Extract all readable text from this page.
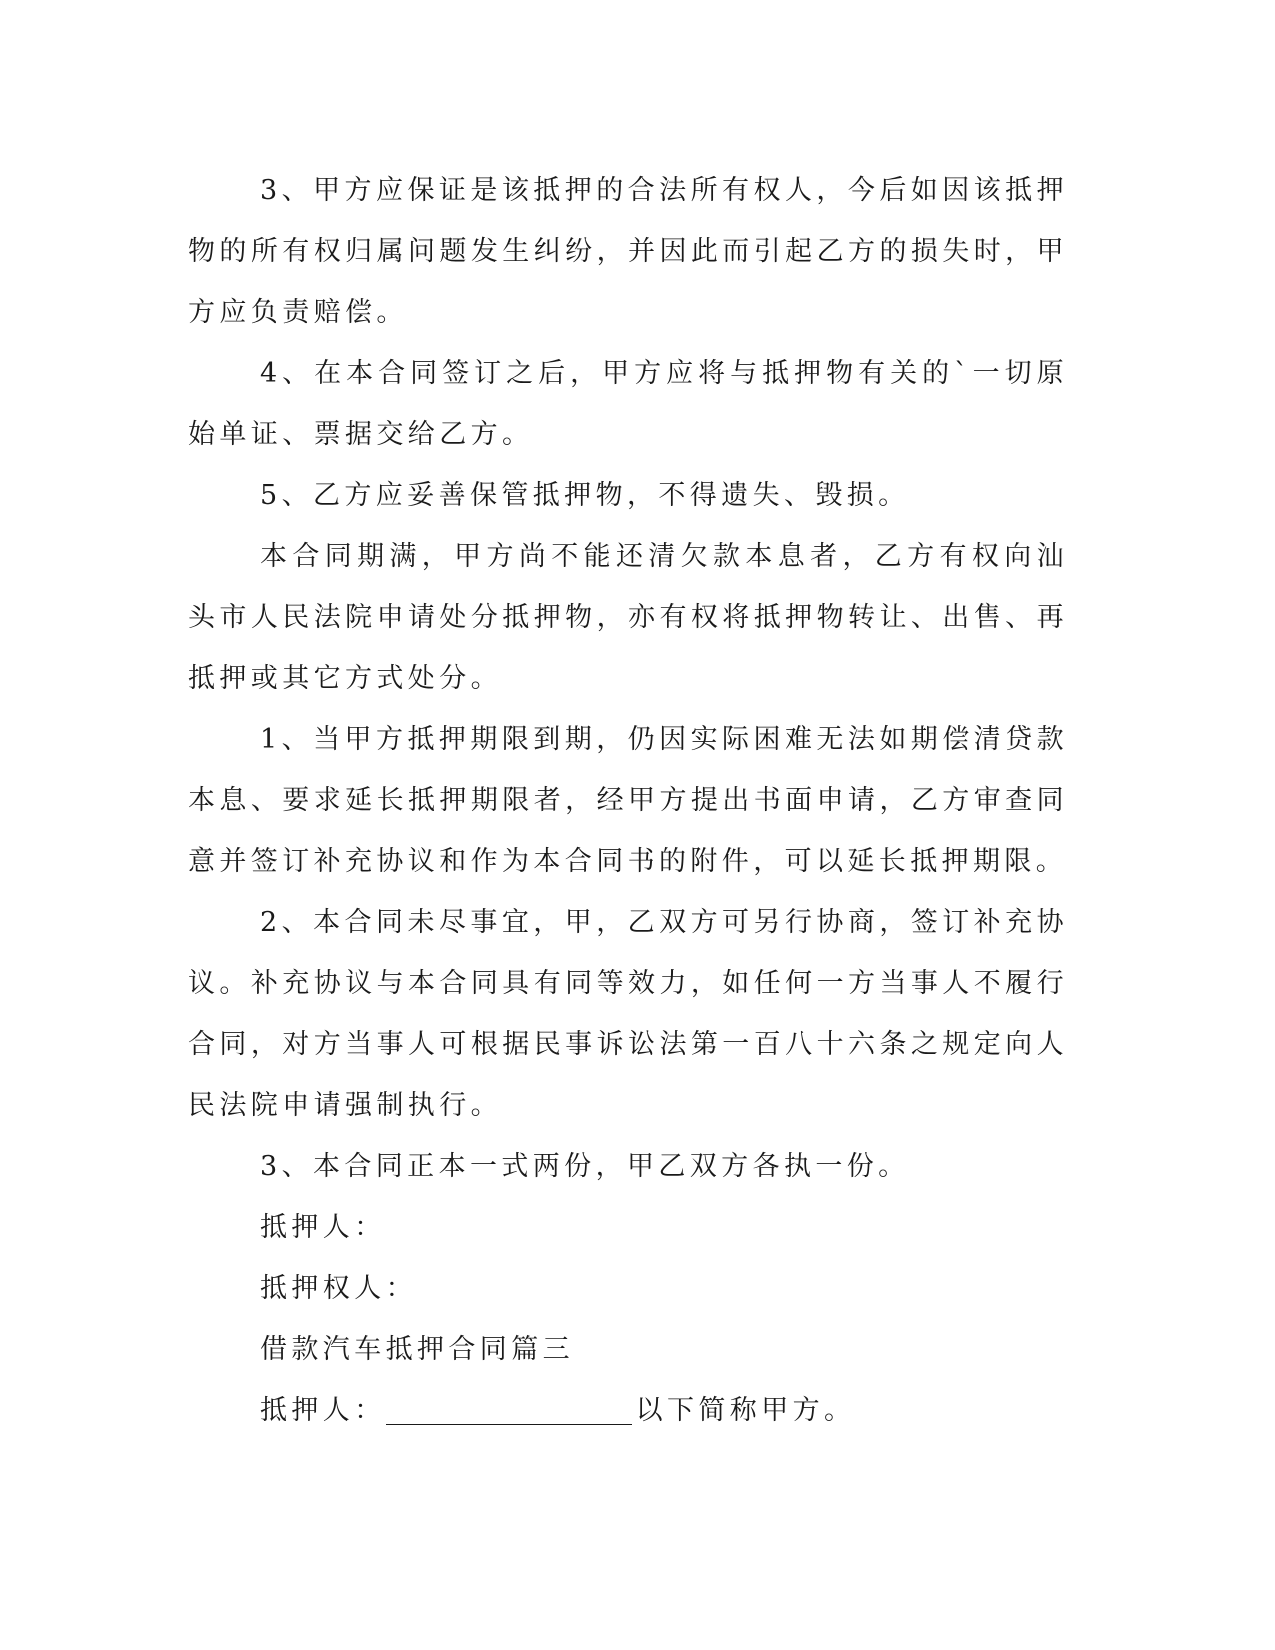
3、甲方应保证是该抵押的合法所有权人，今后如因该抵押物的所有权归属问题发生纠纷，并因此而引起乙方的损失时，甲方应负责赔偿。

4、在本合同签订之后，甲方应将与抵押物有关的`一切原始单证、票据交给乙方。

5、乙方应妥善保管抵押物，不得遗失、毁损。

本合同期满，甲方尚不能还清欠款本息者，乙方有权向汕头市人民法院申请处分抵押物，亦有权将抵押物转让、出售、再抵押或其它方式处分。

1、当甲方抵押期限到期，仍因实际困难无法如期偿清贷款本息、要求延长抵押期限者，经甲方提出书面申请，乙方审查同意并签订补充协议和作为本合同书的附件，可以延长抵押期限。

2、本合同未尽事宜，甲，乙双方可另行协商，签订补充协议。补充协议与本合同具有同等效力，如任何一方当事人不履行合同，对方当事人可根据民事诉讼法第一百八十六条之规定向人民法院申请强制执行。

3、本合同正本一式两份，甲乙双方各执一份。

抵押人：

抵押权人：

借款汽车抵押合同篇三

抵押人：	以下简称甲方。
